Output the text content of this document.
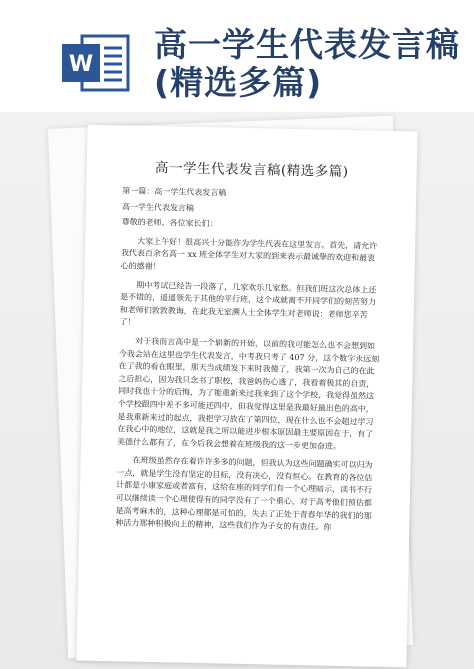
W
高一学生代表发言稿(精选多篇)
高一学生代表发言稿(精选多篇)

第一篇：高一学生代表发言稿

高一学生代表发言稿

尊敬的老师、各位家长们：

大家上午好！很高兴十分能作为学生代表在这里发言。首先，请允许我代表百余名高一 xx 班全体学生对大家的到来表示最诚挚的欢迎和最衷心的感谢！

期中考试已经告一段落了，几家欢乐几家愁。但我们班这次总体上还是不错的，遥遥领先于其他的平行班，这个成就离不开同学们的刻苦努力和老师们敦敦教诲，在此我无室溯人士全体学生对老师说：老师您辛苦了！

对于我而言高中是一个崭新的开始，以前的我可能怎么也不会想到如今我会站在这里也学生代表发言，中考我只考了 407 分，这个数字永远刻在了我的看在眼里，那天当成绩发下来时我傻了，我第一次为自己的在此之后担心，因为我只念书了职校，我爸妈伤心透了，我看着极其的自责，同时我也十分的后悔，为了能重新来过我来到了这个学校，我觉得虽然这个学校跟四中差不多可能还四中，但我觉得这里是我最好最出色的高中，是我重新来过的起点，我把学习放在了第四位，现在什么也不会超过学习在我心中的地位，这就是我之所以能进步根本原因最主要原因在于，有了美德什么都有了，在今后我会想着在班级我的这一步更加奋进。

在班级虽然存在着许许多多的问题，但我认为这些问题确实可以归为一点，就是学生没有坚定的目标，没有决心，没有恒心。在教育的各位估计都是小康家庭或者富有，这给在座的同学们有一个心理暗示，读书不行可以继续读一个心理使得有的同学没有了一个重心，对于高考他们预估都是高考麻木的，这种心理都是可怕的，失去了正处于青春年华的我们的那种活力那种积极向上的精神，这些我们作为子女的有责任。你
